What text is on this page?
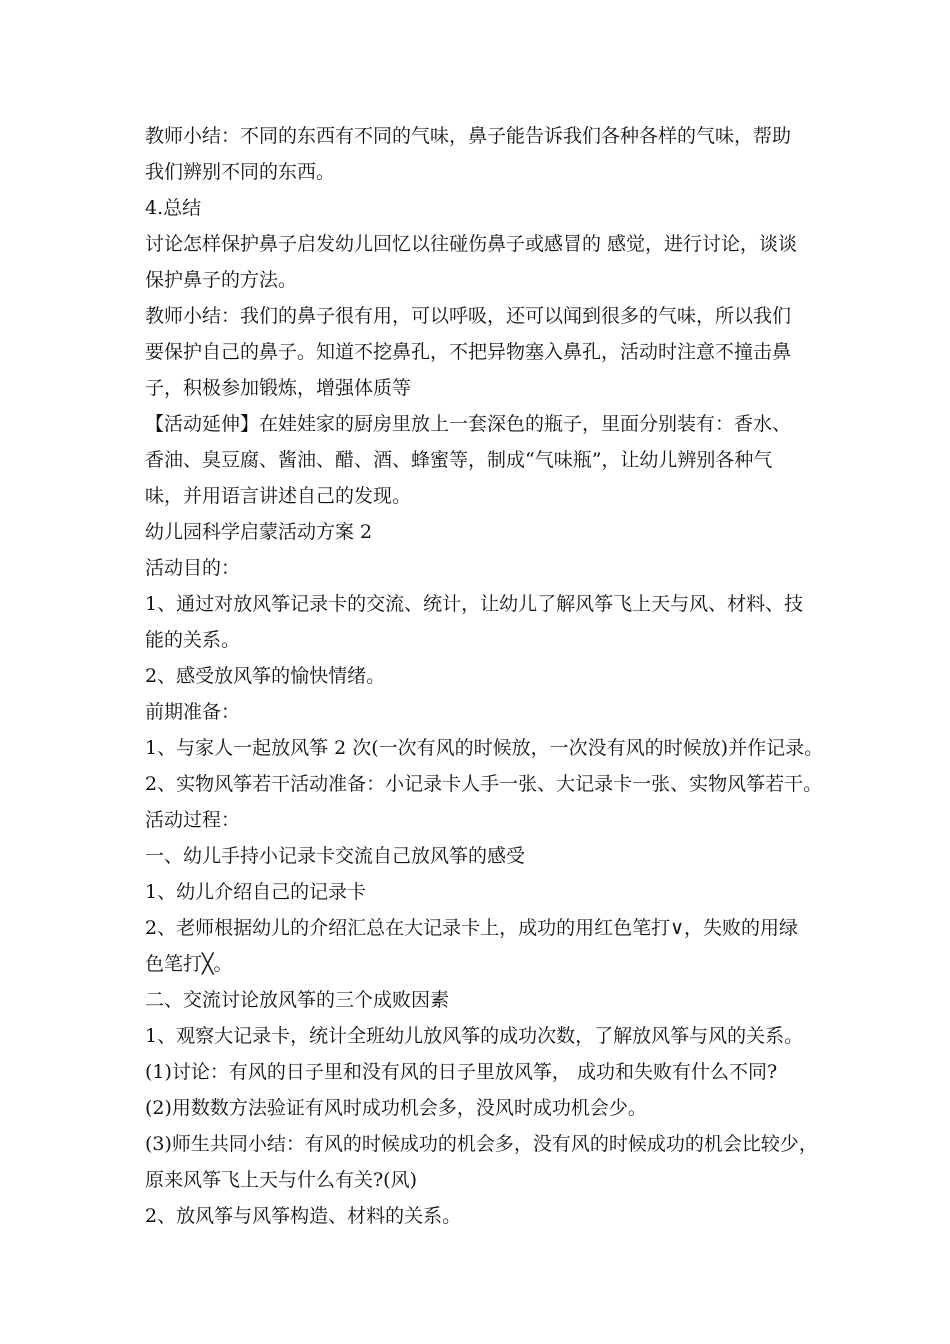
教师小结：不同的东西有不同的气味，鼻子能告诉我们各种各样的气味，帮助

我们辨别不同的东西。

4.总结

讨论怎样保护鼻子启发幼儿回忆以往碰伤鼻子或感冒的 感觉，进行讨论，谈谈

保护鼻子的方法。

教师小结：我们的鼻子很有用，可以呼吸，还可以闻到很多的气味，所以我们

要保护自己的鼻子。知道不挖鼻孔，不把异物塞入鼻孔，活动时注意不撞击鼻

子，积极参加锻炼，增强体质等

【活动延伸】在娃娃家的厨房里放上一套深色的瓶子，里面分别装有：香水、

香油、臭豆腐、酱油、醋、酒、蜂蜜等，制成“气味瓶”，让幼儿辨别各种气

味，并用语言讲述自己的发现。

幼儿园科学启蒙活动方案 2

活动目的：

1、通过对放风筝记录卡的交流、统计，让幼儿了解风筝飞上天与风、材料、技

能的关系。

2、感受放风筝的愉快情绪。

前期准备：

1、与家人一起放风筝 2 次(一次有风的时候放，一次没有风的时候放)并作记录。

2、实物风筝若干活动准备：小记录卡人手一张、大记录卡一张、实物风筝若干。

活动过程：

一、幼儿手持小记录卡交流自己放风筝的感受

1、幼儿介绍自己的记录卡

2、老师根据幼儿的介绍汇总在大记录卡上，成功的用红色笔打∨，失败的用绿

色笔打╳。

二、交流讨论放风筝的三个成败因素

1、观察大记录卡，统计全班幼儿放风筝的成功次数，了解放风筝与风的关系。

(1)讨论：有风的日子里和没有风的日子里放风筝， 成功和失败有什么不同?

(2)用数数方法验证有风时成功机会多，没风时成功机会少。

(3)师生共同小结：有风的时候成功的机会多，没有风的时候成功的机会比较少，

原来风筝飞上天与什么有关?(风)

2、放风筝与风筝构造、材料的关系。
